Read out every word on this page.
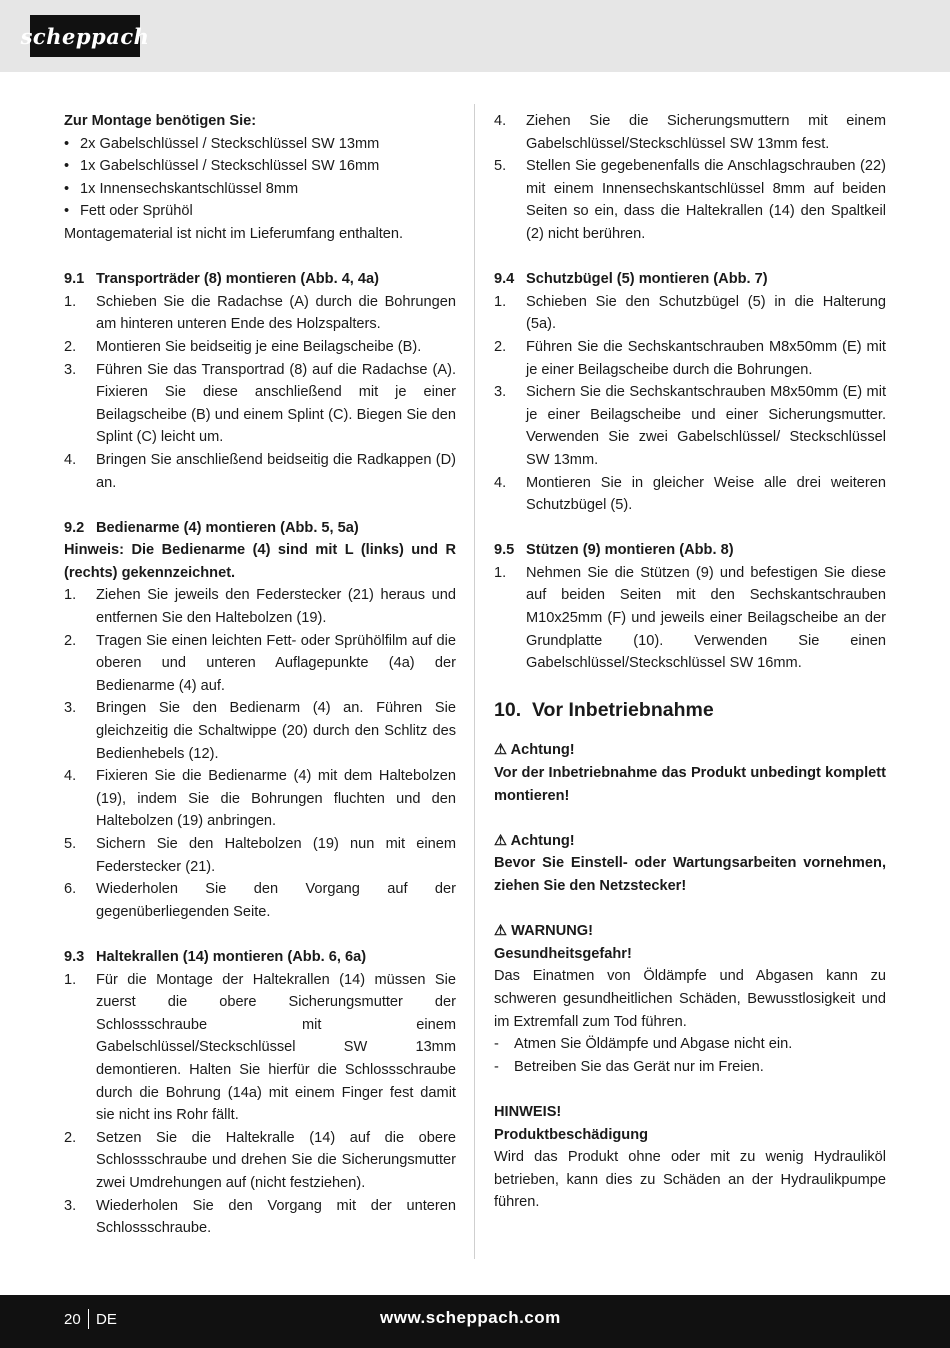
scheppach
Zur Montage benötigen Sie:
• 2x Gabelschlüssel / Steckschlüssel SW 13mm
• 1x Gabelschlüssel / Steckschlüssel SW 16mm
• 1x Innensechskantschlüssel 8mm
• Fett oder Sprühöl
Montagematerial ist nicht im Lieferumfang enthalten.
9.1 Transporträder (8) montieren (Abb. 4, 4a)
1.	Schieben Sie die Radachse (A) durch die Bohrungen am hinteren unteren Ende des Holzspalters.
2.	Montieren Sie beidseitig je eine Beilagscheibe (B).
3.	Führen Sie das Transportrad (8) auf die Radachse (A). Fixieren Sie diese anschließend mit je einer Beilagscheibe (B) und einem Splint (C). Biegen Sie den Splint (C) leicht um.
4.	Bringen Sie anschließend beidseitig die Radkappen (D) an.
9.2 Bedienarme (4) montieren (Abb. 5, 5a)
Hinweis: Die Bedienarme (4) sind mit L (links) und R (rechts) gekennzeichnet.
1.	Ziehen Sie jeweils den Federstecker (21) heraus und entfernen Sie den Haltebolzen (19).
2.	Tragen Sie einen leichten Fett- oder Sprühölfilm auf die oberen und unteren Auflagepunkte (4a) der Bedienarme (4) auf.
3.	Bringen Sie den Bedienarm (4) an. Führen Sie gleichzeitig die Schaltwippe (20) durch den Schlitz des Bedienhebels (12).
4.	Fixieren Sie die Bedienarme (4) mit dem Haltebolzen (19), indem Sie die Bohrungen fluchten und den Haltebolzen (19) anbringen.
5.	Sichern Sie den Haltebolzen (19) nun mit einem Federstecker (21).
6.	Wiederholen Sie den Vorgang auf der gegenüberliegenden Seite.
9.3 Haltekrallen (14) montieren (Abb. 6, 6a)
1.	Für die Montage der Haltekrallen (14) müssen Sie zuerst die obere Sicherungsmutter der Schlossschraube mit einem Gabelschlüssel/Steckschlüssel SW 13mm demontieren. Halten Sie hierfür die Schlossschraube durch die Bohrung (14a) mit einem Finger fest damit sie nicht ins Rohr fällt.
2.	Setzen Sie die Haltekralle (14) auf die obere Schlossschraube und drehen Sie die Sicherungsmutter zwei Umdrehungen auf (nicht festziehen).
3.	Wiederholen Sie den Vorgang mit der unteren Schlossschraube.
4.	Ziehen Sie die Sicherungsmuttern mit einem Gabelschlüssel/Steckschlüssel SW 13mm fest.
5.	Stellen Sie gegebenenfalls die Anschlagschrauben (22) mit einem Innensechskantschlüssel 8mm auf beiden Seiten so ein, dass die Haltekrallen (14) den Spaltkeil (2) nicht berühren.
9.4 Schutzbügel (5) montieren (Abb. 7)
1.	Schieben Sie den Schutzbügel (5) in die Halterung (5a).
2.	Führen Sie die Sechskantschrauben M8x50mm (E) mit je einer Beilagscheibe durch die Bohrungen.
3.	Sichern Sie die Sechskantschrauben M8x50mm (E) mit je einer Beilagscheibe und einer Sicherungsmutter. Verwenden Sie zwei Gabelschlüssel/ Steckschlüssel SW 13mm.
4.	Montieren Sie in gleicher Weise alle drei weiteren Schutzbügel (5).
9.5 Stützen (9) montieren (Abb. 8)
1.	Nehmen Sie die Stützen (9) und befestigen Sie diese auf beiden Seiten mit den Sechskantschrauben M10x25mm (F) und jeweils einer Beilagscheibe an der Grundplatte (10). Verwenden Sie einen Gabelschlüssel/Steckschlüssel SW 16mm.
10. Vor Inbetriebnahme
⚠ Achtung!
Vor der Inbetriebnahme das Produkt unbedingt komplett montieren!
⚠ Achtung!
Bevor Sie Einstell- oder Wartungsarbeiten vornehmen, ziehen Sie den Netzstecker!
⚠ WARNUNG!
Gesundheitsgefahr!
Das Einatmen von Öldämpfe und Abgasen kann zu schweren gesundheitlichen Schäden, Bewusstlosigkeit und im Extremfall zum Tod führen.
-	Atmen Sie Öldämpfe und Abgase nicht ein.
-	Betreiben Sie das Gerät nur im Freien.
HINWEIS!
Produktbeschädigung
Wird das Produkt ohne oder mit zu wenig Hydrauliköl betrieben, kann dies zu Schäden an der Hydraulikpumpe führen.
20 DE	www.scheppach.com
